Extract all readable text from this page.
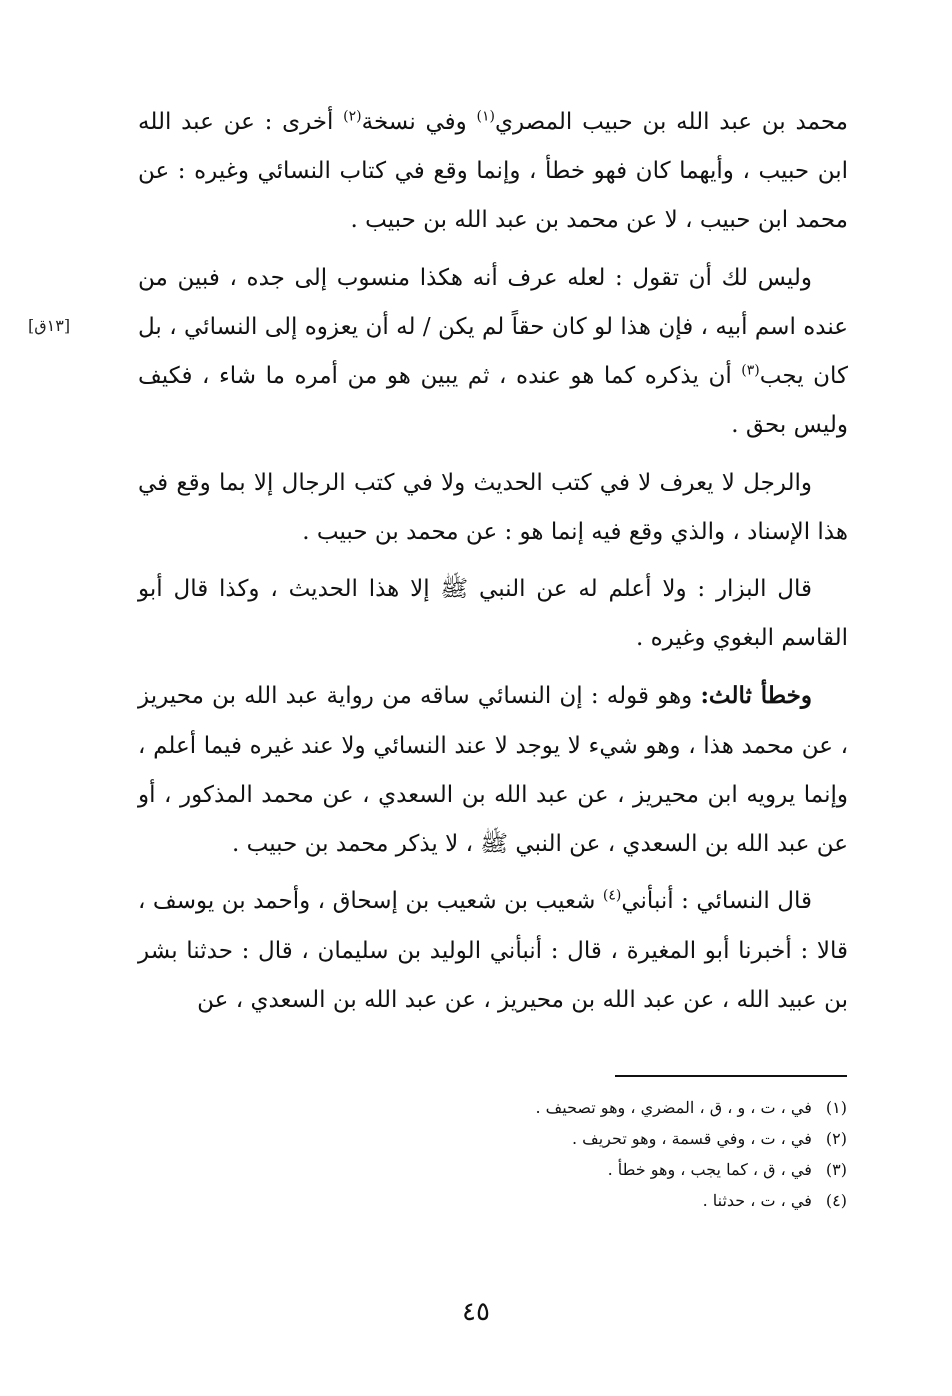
[١٣ق]

محمد بن عبد الله بن حبيب المصري$^{(١)}$ وفي نسخة$^{(٢)}$ أخرى : عن عبد الله ابن حبيب ، وأيهما كان فهو خطأ ، وإنما وقع في كتاب النسائي وغيره : عن محمد ابن حبيب ، لا عن محمد بن عبد الله بن حبيب .

وليس لك أن تقول : لعله عرف أنه هكذا منسوب إلى جده ، فبين من عنده اسم أبيه ، فإن هذا لو كان حقاً لم يكن / له أن يعزوه إلى النسائي ، بل كان يجب$^{(٣)}$ أن يذكره كما هو عنده ، ثم يبين هو من أمره ما شاء ، فكيف وليس بحق .

والرجل لا يعرف لا في كتب الحديث ولا في كتب الرجال إلا بما وقع في هذا الإسناد ، والذي وقع فيه إنما هو : عن محمد بن حبيب .

قال البزار : ولا أعلم له عن النبي ﷺ إلا هذا الحديث ، وكذا قال أبو القاسم البغوي وغيره .

وخطأ ثالث: وهو قوله : إن النسائي ساقه من رواية عبد الله بن محيريز ، عن محمد هذا ، وهو شيء لا يوجد لا عند النسائي ولا عند غيره فيما أعلم ، وإنما يرويه ابن محيريز ، عن عبد الله بن السعدي ، عن محمد المذكور ، أو عن عبد الله بن السعدي ، عن النبي ﷺ ، لا يذكر محمد بن حبيب .

قال النسائي : أنبأني$^{(٤)}$ شعيب بن شعيب بن إسحاق ، وأحمد بن يوسف ، قالا : أخبرنا أبو المغيرة ، قال : أنبأني الوليد بن سليمان ، قال : حدثنا بشر بن عبيد الله ، عن عبد الله بن محيريز ، عن عبد الله بن السعدي ، عن

(١) في ، ت ، و ، ق ، المضري ، وهو تصحيف .
(٢) في ، ت ، وفي قسمة ، وهو تحريف .
(٣) في ، ق ، كما يجب ، وهو خطأ .
(٤) في ، ت ، حدثنا .
٤٥
